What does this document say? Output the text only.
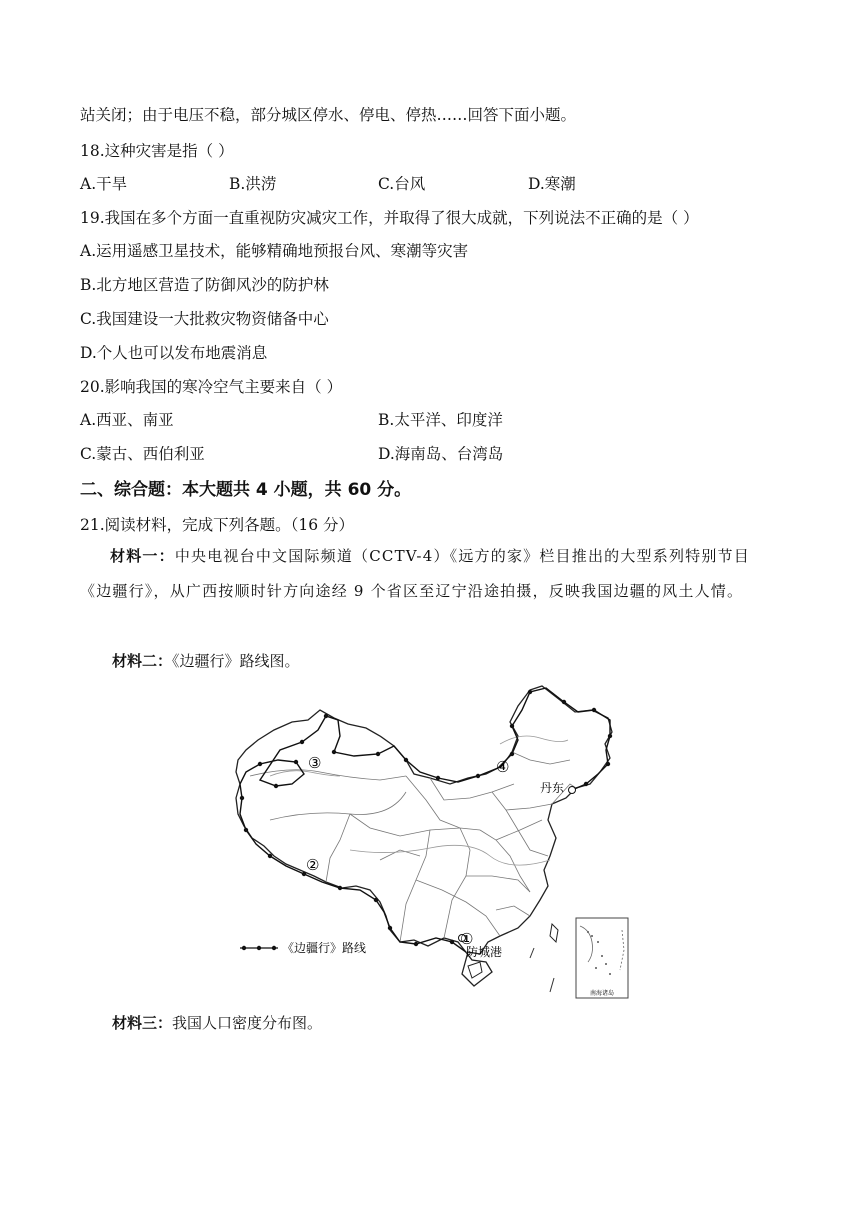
站关闭；由于电压不稳，部分城区停水、停电、停热……回答下面小题。
18.这种灾害是指（ ）
A.干旱	B.洪涝	C.台风	D.寒潮
19.我国在多个方面一直重视防灾减灾工作，并取得了很大成就，下列说法不正确的是（ ）
A.运用遥感卫星技术，能够精确地预报台风、寒潮等灾害
B.北方地区营造了防御风沙的防护林
C.我国建设一大批救灾物资储备中心
D.个人也可以发布地震消息
20.影响我国的寒冷空气主要来自（ ）
A.西亚、南亚	B.太平洋、印度洋
C.蒙古、西伯利亚	D.海南岛、台湾岛
二、综合题：本大题共 4 小题，共 60 分。
21.阅读材料，完成下列各题。（16 分）
材料一：中央电视台中文国际频道（CCTV-4）《远方的家》栏目推出的大型系列特别节目《边疆行》，从广西按顺时针方向途经 9 个省区至辽宁沿途拍摄，反映我国边疆的风土人情。
材料二：《边疆行》路线图。
①
②
③	④
丹东
防城港
南海诸岛
《边疆行》路线
材料三：我国人口密度分布图。
